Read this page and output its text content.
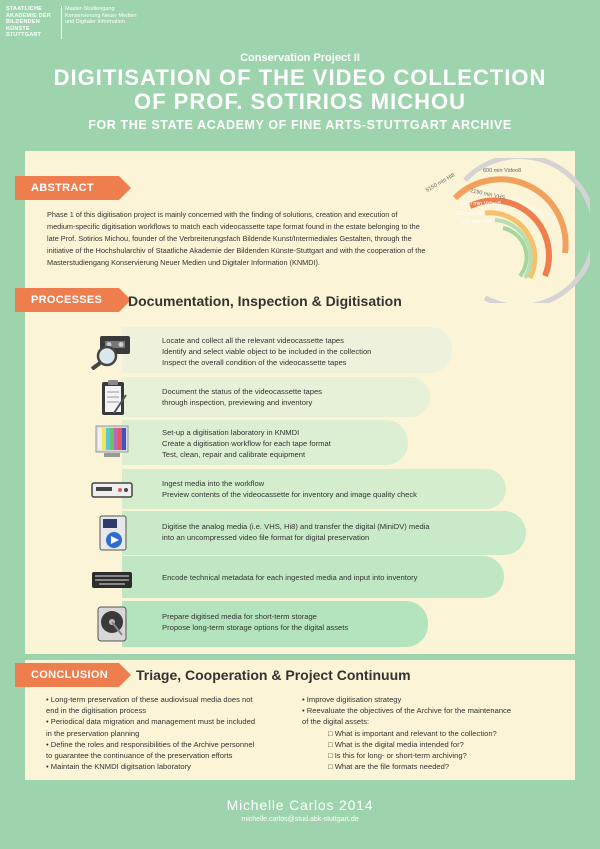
STAATLICHE
AKADEMIE DER
BILDENDEN KÜNSTE
STUTTGART
Master-Studiengang
Konservierung Neuer Medien
und Digitaler Information
Conservation Project II
DIGITISATION OF THE VIDEO COLLECTION
OF PROF. SOTIRIOS MICHOU
FOR THE STATE ACADEMY OF FINE ARTS-STUTTGART ARCHIVE
ABSTRACT
Phase 1 of this digitisation project is mainly concerned with the finding of solutions, creation and execution of medium-specific digitisation workflows to match each videocassette tape format found in the estate belonging to the late Prof. Sotirios Michou, founder of the Verbreiterungsfach Bildende Kunst/Intermediales Gestalten, through the initiative of the Hochshularchiv of Staatliche Akademie der Bildenden Künste-Stuttgart and with the cooperation of the Masterstudiengang Konservierung Neuer Medien und Digitaler Information (KNMDI).
600 min Video8
5150 min Hi8
2190 min VHS 120 min MiniDV
1100 min Video8
225 min Hi8
120 min VHS
PROCESSES	Documentation, Inspection & Digitisation
Locate and collect all the relevant videocassette tapes
Identify and select viable object to be included in the collection
Inspect the overall condition of the videocassette tapes
Document the status of the videocassette tapes
through inspection, previewing and inventory
Set-up a digitisation laboratory in KNMDI
Create a digitisation workflow for each tape format
Test, clean, repair and calibrate equipment
Ingest media into the workflow
Preview contents of the videocassette for inventory and image quality check
Digitise the analog media (i.e. VHS, Hi8) and transfer the digital (MiniDV) media
into an uncompressed video file format for digital preservation
Encode technical metadata for each ingested media and input into inventory
Prepare digitised media for short-term storage
Propose long-term storage options for the digital assets
CONCLUSION	Triage, Cooperation & Project Continuum
• Long-term preservation of these audiovisual media does not
end in the digitisation process
• Periodical data migration and management must be included
in the preservation planning
• Define the roles and responsibilities of the Archive personnel
to guarantee the continuance of the preservation efforts
• Maintain the KNMDI digitsation laboratory
• Improve digitisation strategy
• Reevaluate the objectives of the Archive for the maintenance
of the digital assets:
□ What is important and relevant to the collection?
□ What is the digital media intended for?
□ Is this for long- or short-term archiving?
□ What are the file formats needed?
Michelle Carlos 2014
michelle.carlos@stud.abk-stuttgart.de
